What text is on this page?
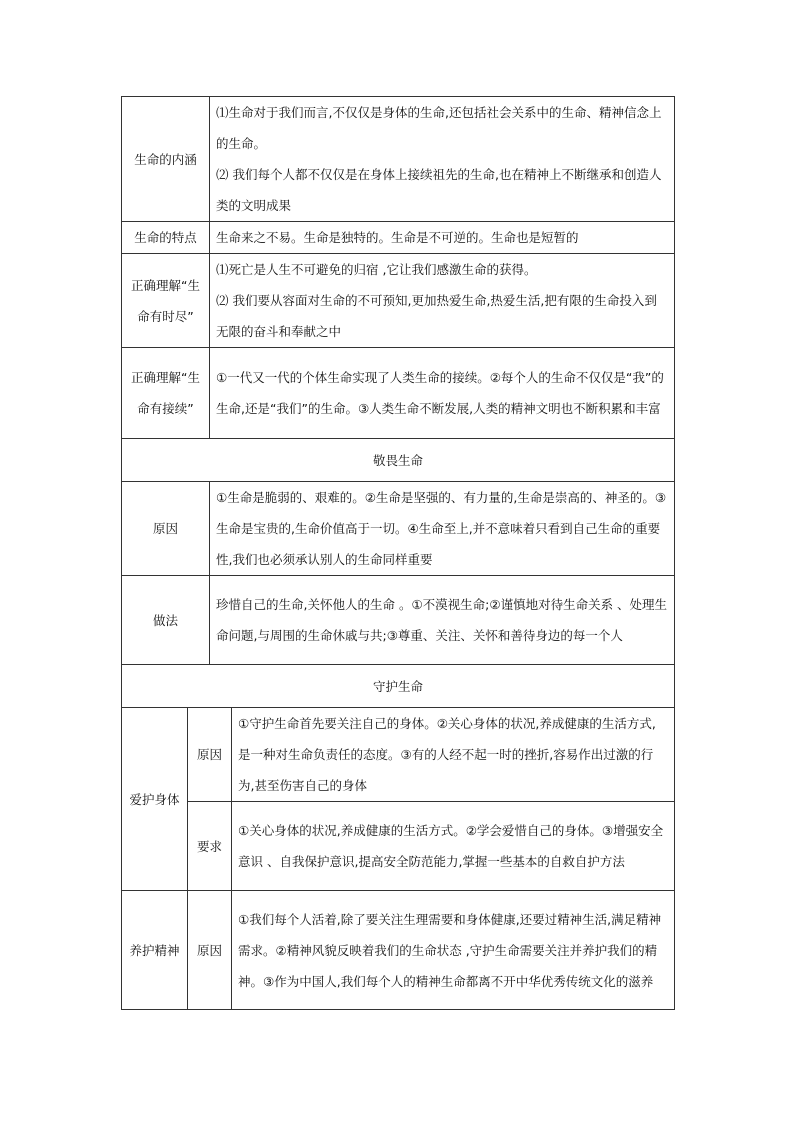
生命的内涵		⑴生命对于我们而言,不仅仅是身体的生命,还包括社会关系中的生命、精神信念上的生命。
⑵ 我们每个人都不仅仅是在身体上接续祖先的生命,也在精神上不断继承和创造人类的文明成果	

生命的特点		生命来之不易。生命是独特的。生命是不可逆的。生命也是短暂的	
正确理解“生命有时尽”		⑴死亡是人生不可避免的归宿 ,它让我们感激生命的获得。
⑵ 我们要从容面对生命的不可预知,更加热爱生命,热爱生活,把有限的生命投入到无限的奋斗和奉献之中	

正确理解“生命有接续”		①一代又一代的个体生命实现了人类生命的接续。②每个人的生命不仅仅是“我”的生命,还是“我们”的生命。③人类生命不断发展,人类的精神文明也不断积累和丰富	
敬畏生命			
原因		①生命是脆弱的、艰难的。②生命是坚强的、有力量的,生命是崇高的、神圣的。③生命是宝贵的,生命价值高于一切。④生命至上,并不意味着只看到自己生命的重要性,我们也必须承认别人的生命同样重要	
做法		珍惜自己的生命,关怀他人的生命 。①不漠视生命;②谨慎地对待生命关系 、处理生命问题,与周围的生命休戚与共;③尊重、关注、关怀和善待身边的每一个人	
守护生命			
爱护身体	原因		①守护生命首先要关注自己的身体。②关心身体的状况,养成健康的生活方式,是一种对生命负责任的态度。③有的人经不起一时的挫折,容易作出过激的行为,甚至伤害自己的身体
	要求		①关心身体的状况,养成健康的生活方式。②学会爱惜自己的身体。③增强安全意识 、自我保护意识,提高安全防范能力,掌握一些基本的自救自护方法
养护精神	原因		①我们每个人活着,除了要关注生理需要和身体健康,还要过精神生活,满足精神需求。②精神风貌反映着我们的生命状态 ,守护生命需要关注并养护我们的精神。③作为中国人,我们每个人的精神生命都离不开中华优秀传统文化的滋养
